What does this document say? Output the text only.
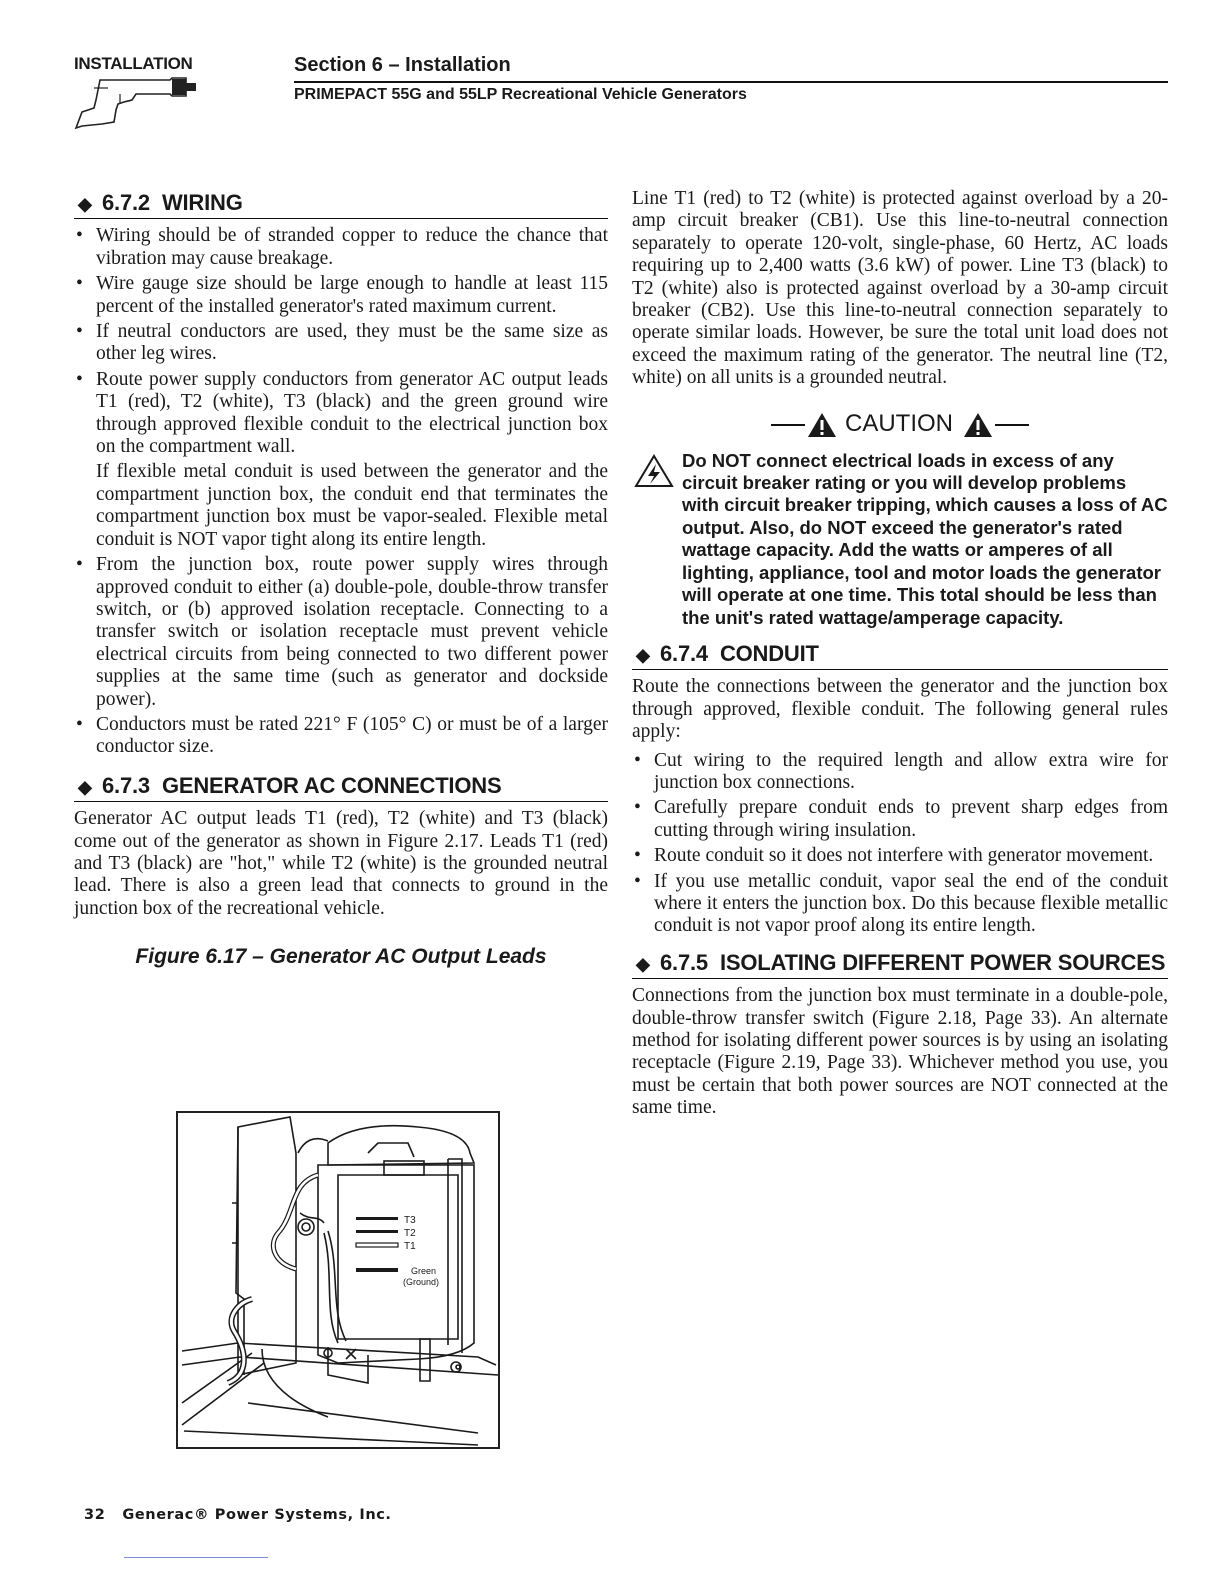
INSTALLATION	Section 6 – Installation
PRIMEPACT 55G and 55LP Recreational Vehicle Generators
◆ 6.7.2 WIRING
• Wiring should be of stranded copper to reduce the chance that vibration may cause breakage.
• Wire gauge size should be large enough to handle at least 115 percent of the installed generator's rated maximum current.
• If neutral conductors are used, they must be the same size as other leg wires.
• Route power supply conductors from generator AC output leads T1 (red), T2 (white), T3 (black) and the green ground wire through approved flexible conduit to the electrical junction box on the compartment wall.

If flexible metal conduit is used between the generator and the compartment junction box, the conduit end that terminates the compartment junction box must be vapor-sealed. Flexible metal conduit is NOT vapor tight along its entire length.

• From the junction box, route power supply wires through approved conduit to either (a) double-pole, double-throw transfer switch, or (b) approved isolation receptacle. Connecting to a transfer switch or isolation receptacle must prevent vehicle electrical circuits from being connected to two different power supplies at the same time (such as generator and dockside power).
• Conductors must be rated 221° F (105° C) or must be of a larger conductor size.
◆ 6.7.3 GENERATOR AC CONNECTIONS

Generator AC output leads T1 (red), T2 (white) and T3 (black) come out of the generator as shown in Figure 2.17. Leads T1 (red) and T3 (black) are "hot," while T2 (white) is the grounded neutral lead. There is also a green lead that connects to ground in the junction box of the recreational vehicle.

Figure 6.17 – Generator AC Output Leads
T3
T2
T1
Green
(Ground)

Line T1 (red) to T2 (white) is protected against overload by a 20-amp circuit breaker (CB1). Use this line-to-neutral connection separately to operate 120-volt, single-phase, 60 Hertz, AC loads requiring up to 2,400 watts (3.6 kW) of power. Line T3 (black) to T2 (white) also is protected against overload by a 30-amp circuit breaker (CB2). Use this line-to-neutral connection separately to operate similar loads. However, be sure the total unit load does not exceed the maximum rating of the generator. The neutral line (T2, white) on all units is a grounded neutral.

CAUTION
Do NOT connect electrical loads in excess of any circuit breaker rating or you will develop problems with circuit breaker tripping, which causes a loss of AC output. Also, do NOT exceed the generator's rated wattage capacity. Add the watts or amperes of all lighting, appliance, tool and motor loads the generator will operate at one time. This total should be less than the unit's rated wattage/amperage capacity.
◆ 6.7.4 CONDUIT

Route the connections between the generator and the junction box through approved, flexible conduit. The following general rules apply:

• Cut wiring to the required length and allow extra wire for junction box connections.
• Carefully prepare conduit ends to prevent sharp edges from cutting through wiring insulation.
• Route conduit so it does not interfere with generator movement.
• If you use metallic conduit, vapor seal the end of the conduit where it enters the junction box. Do this because flexible metallic conduit is not vapor proof along its entire length.
◆ 6.7.5 ISOLATING DIFFERENT POWER SOURCES

Connections from the junction box must terminate in a double-pole, double-throw transfer switch (Figure 2.18, Page 33). An alternate method for isolating different power sources is by using an isolating receptacle (Figure 2.19, Page 33). Whichever method you use, you must be certain that both power sources are NOT connected at the same time.

32 Generac® Power Systems, Inc.
